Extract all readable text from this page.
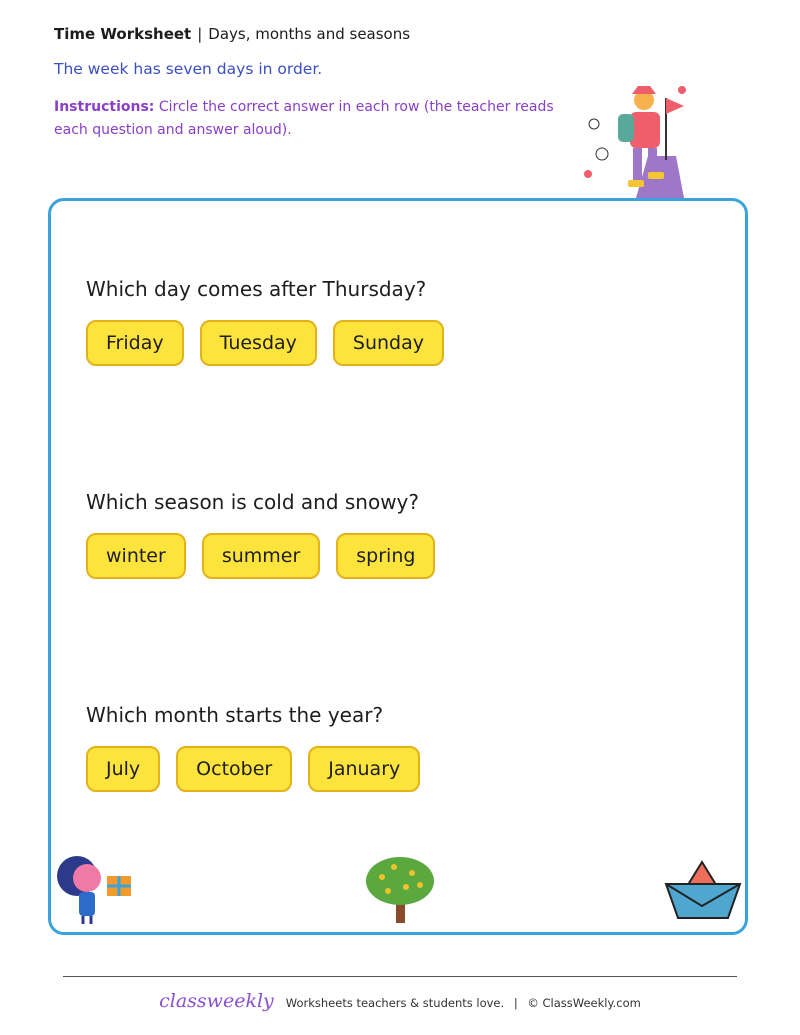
Time Worksheet | Days, months and seasons
The week has seven days in order.
Instructions: Circle the correct answer in each row (the teacher reads each question and answer aloud).
Which day comes after Thursday?
Friday	Tuesday	Sunday
Which season is cold and snowy?
winter	summer	spring
Which month starts the year?
July	October	January
classweekly Worksheets teachers & students love. | © ClassWeekly.com
